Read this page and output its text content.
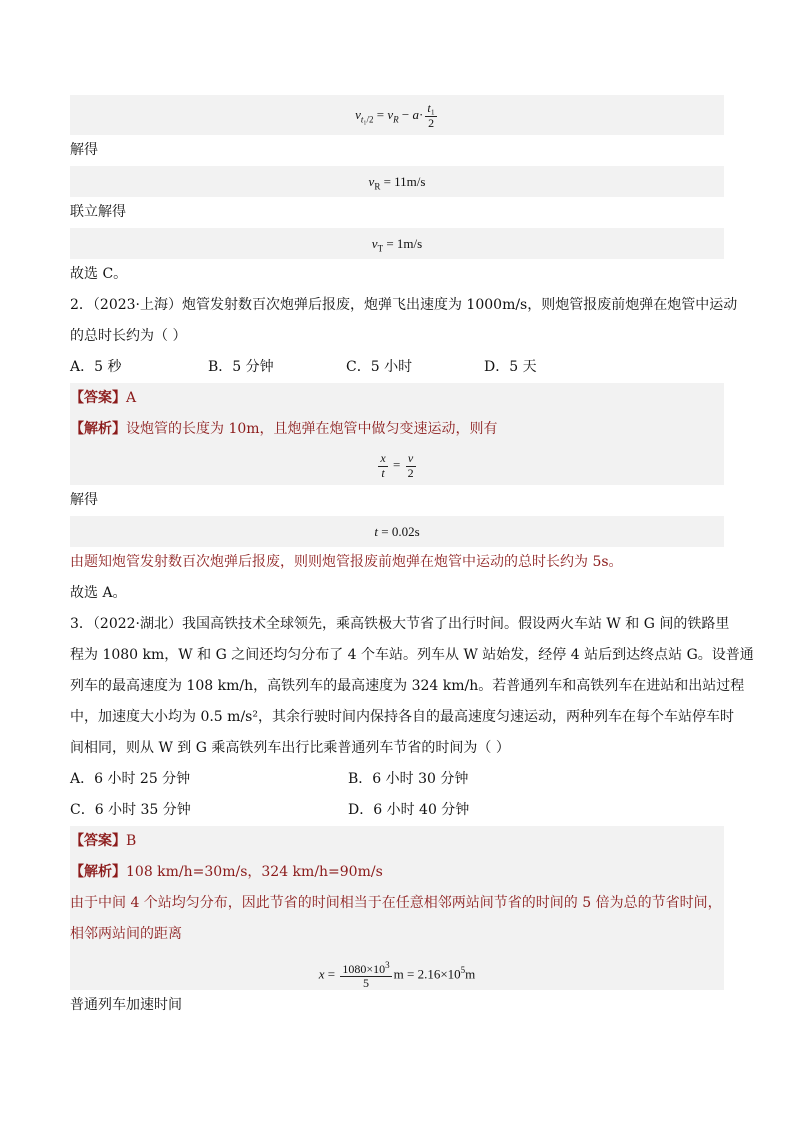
$v_{t_1/2} = v_R - a\cdot \frac{\text{t₁}}{2}$
解得
$v_R = 11m/s$
联立解得
$v_T = 1m/s$
故选 C。
2．（2023·上海）炮管发射数百次炮弹后报废，炮弹飞出速度为 1000m/s，则炮管报废前炮弹在炮管中运动
的总时长约为（ ）
A．5 秒	B．5 分钟	C．5 小时	D．5 天
【答案】A
【解析】设炮管的长度为 10m，且炮弹在炮管中做匀变速运动，则有
$\frac{x}{t} = \frac{v}{2}$
解得
t = 0.02s
由题知炮管发射数百次炮弹后报废，则则炮管报废前炮弹在炮管中运动的总时长约为 5s。
故选 A。
3．（2022·湖北）我国高铁技术全球领先，乘高铁极大节省了出行时间。假设两火车站 W 和 G 间的铁路里
程为 1080 km，W 和 G 之间还均匀分布了 4 个车站。列车从 W 站始发，经停 4 站后到达终点站 G。设普通
列车的最高速度为 108 km/h，高铁列车的最高速度为 324 km/h。若普通列车和高铁列车在进站和出站过程
中，加速度大小均为 0.5 m/s²，其余行驶时间内保持各自的最高速度匀速运动，两种列车在每个车站停车时
间相同，则从 W 到 G 乘高铁列车出行比乘普通列车节省的时间为（ ）
A．6 小时 25 分钟	B．6 小时 30 分钟
C．6 小时 35 分钟	D．6 小时 40 分钟
【答案】B
【解析】108 km/h=30m/s，324 km/h=90m/s
由于中间 4 个站均匀分布，因此节省的时间相当于在任意相邻两站间节省的时间的 5 倍为总的节省时间，
相邻两站间的距离
$x = \frac{1080\times 10^3}{5}$ $m = 2.16\times 10^5m$
普通列车加速时间
